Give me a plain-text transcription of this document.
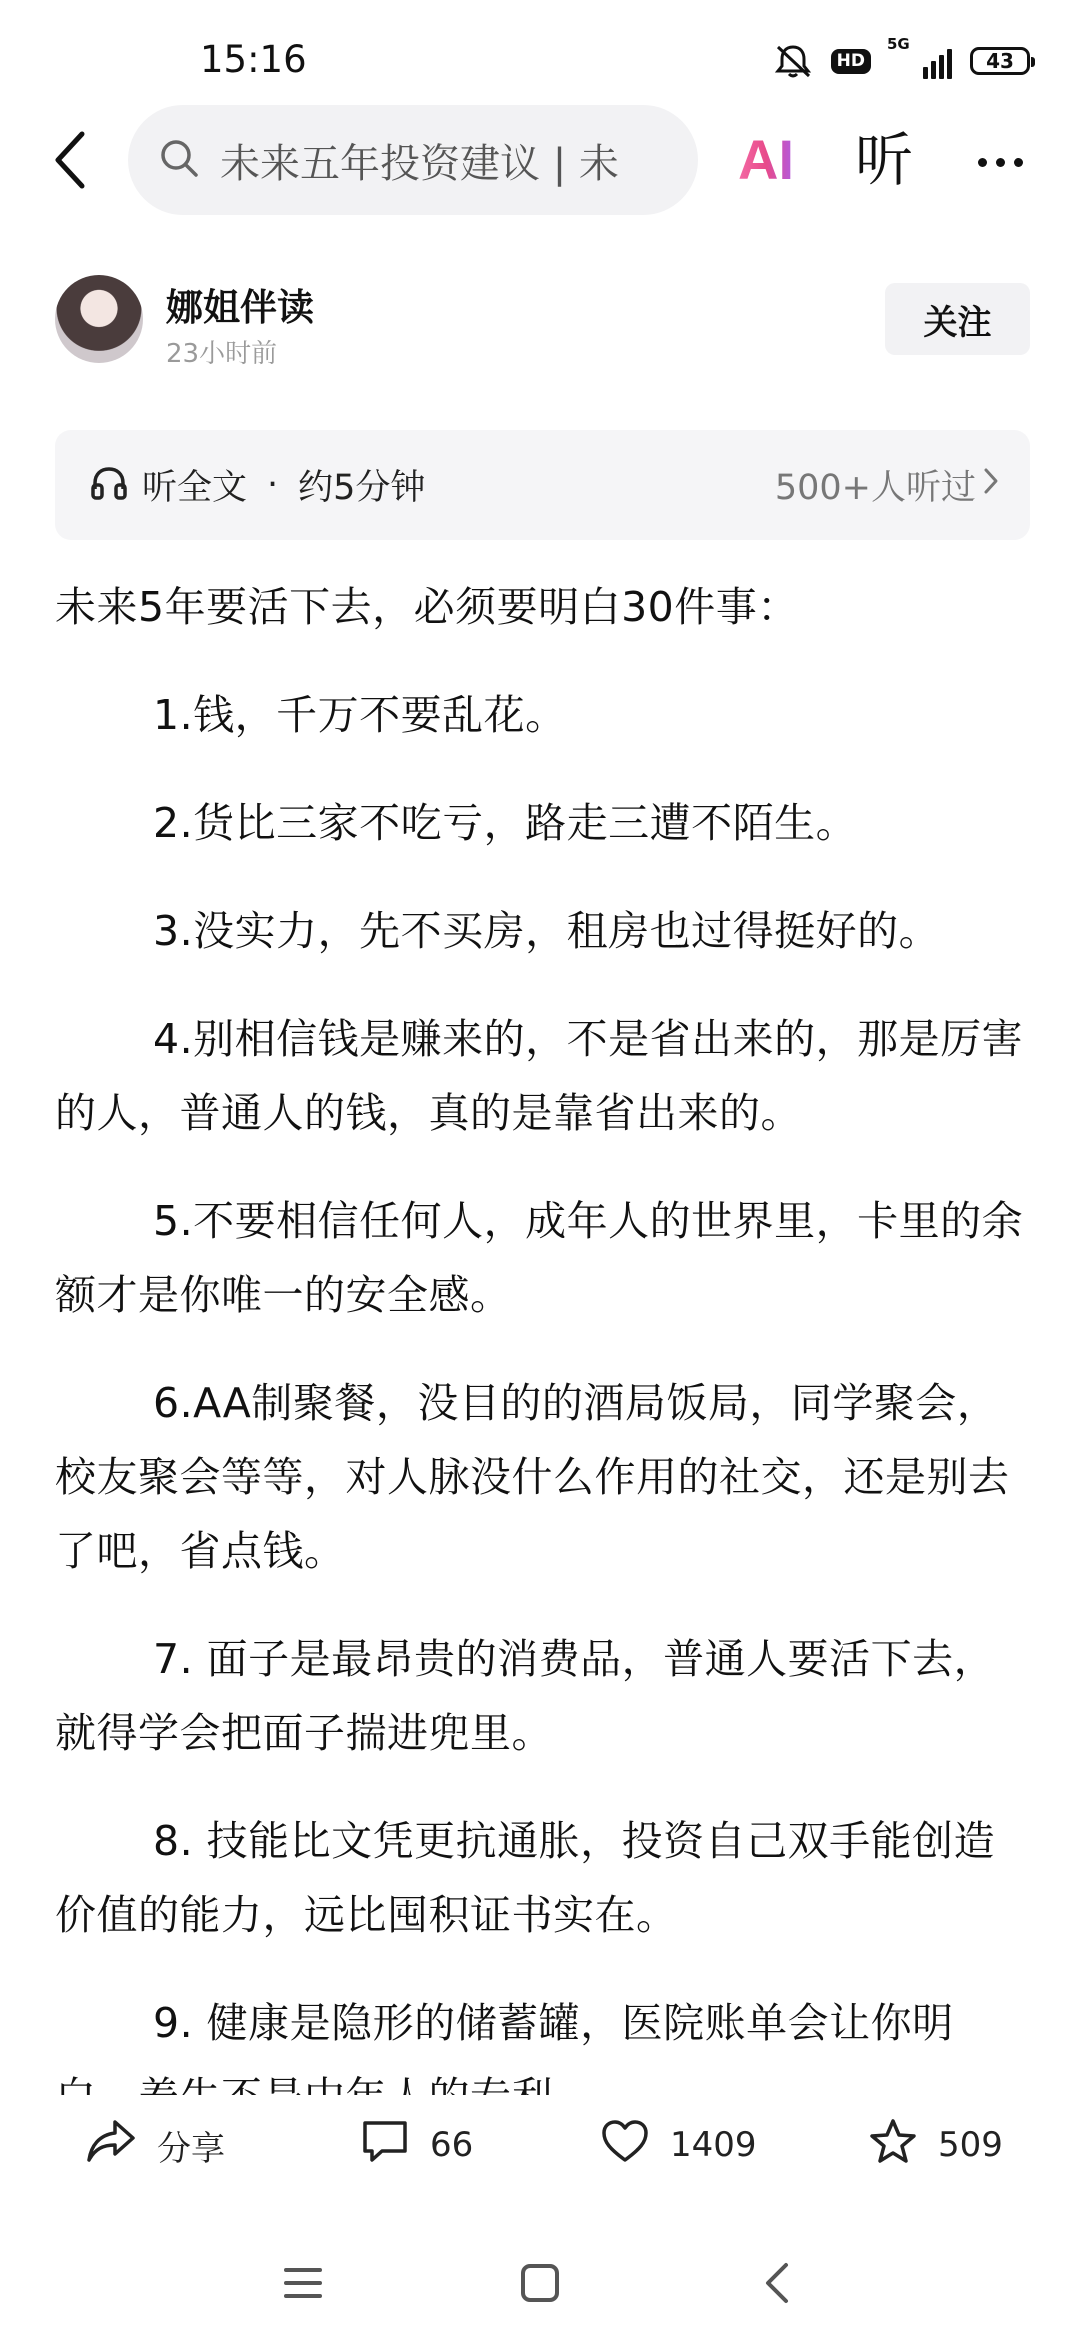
15:16	HD
5G
43
未来五年投资建议 | 未 AI 听
娜姐伴读
23小时前
关注
听全文 · 约5分钟	500+人听过

未来5年要活下去，必须要明白30件事：

1.钱，千万不要乱花。

2.货比三家不吃亏，路走三遭不陌生。

3.没实力，先不买房，租房也过得挺好的。

4.别相信钱是赚来的，不是省出来的，那是厉害的人，普通人的钱，真的是靠省出来的。

5.不要相信任何人，成年人的世界里，卡里的余额才是你唯一的安全感。

6.AA制聚餐，没目的的酒局饭局，同学聚会，校友聚会等等，对人脉没什么作用的社交，还是别去了吧，省点钱。

7. 面子是最昂贵的消费品，普通人要活下去，就得学会把面子揣进兜里。

8. 技能比文凭更抗通胀，投资自己双手能创造价值的能力，远比囤积证书实在。

9. 健康是隐形的储蓄罐，医院账单会让你明

分享	66	1409	509
